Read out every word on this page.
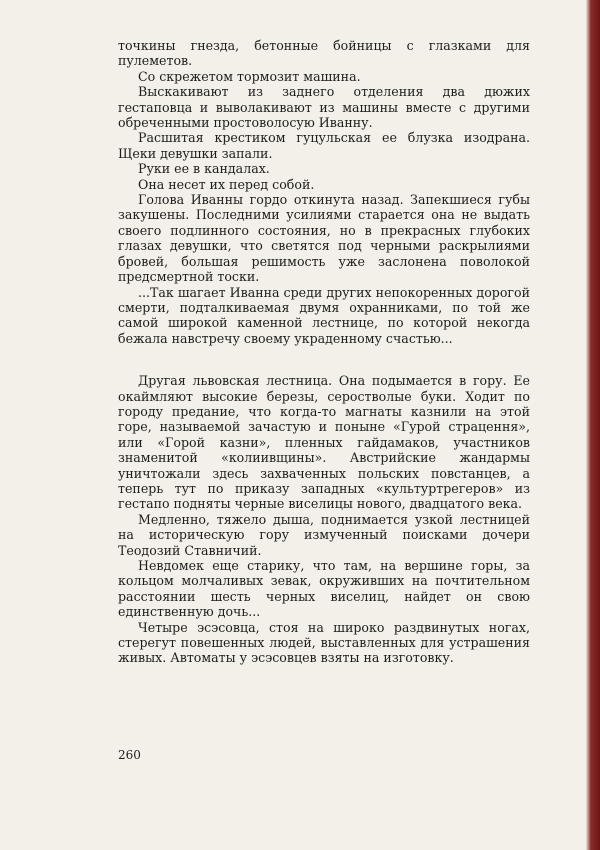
точкины гнезда, бетонные бойницы с глазками для пулеметов.

Со скрежетом тормозит машина.

Выскакивают из заднего отделения два дюжих гестаповца и выволакивают из машины вместе с другими обреченными простоволосую Иванну.

Расшитая крестиком гуцульская ее блузка изодрана. Щеки девушки запали.

Руки ее в кандалах.

Она несет их перед собой.

Голова Иванны гордо откинута назад. Запекшиеся губы закушены. Последними усилиями старается она не выдать своего подлинного состояния, но в прекрасных глубоких глазах девушки, что светятся под черными раскрылиями бровей, большая решимость уже заслонена поволокой предсмертной тоски.

...Так шагает Иванна среди других непокоренных дорогой смерти, подталкиваемая двумя охранниками, по той же самой широкой каменной лестнице, по которой некогда бежала навстречу своему украденному счастью...

Другая львовская лестница. Она подымается в гору. Ее окаймляют высокие березы, серостволые буки. Ходит по городу предание, что когда-то магнаты казнили на этой горе, называемой зачастую и поныне «Гурой страцення», или «Горой казни», пленных гайдамаков, участников знаменитой «колиивщины». Австрийские жандармы уничтожали здесь захваченных польских повстанцев, а теперь тут по приказу западных «культуртрегеров» из гестапо подняты черные виселицы нового, двадцатого века.

Медленно, тяжело дыша, поднимается узкой лестницей на историческую гору измученный поисками дочери Теодозий Ставничий.

Невдомек еще старику, что там, на вершине горы, за кольцом молчаливых зевак, окруживших на почтительном расстоянии шесть черных виселиц, найдет он свою единственную дочь...

Четыре эсэсовца, стоя на широко раздвинутых ногах, стерегут повешенных людей, выставленных для устрашения живых. Автоматы у эсэсовцев взяты на изготовку.

260
